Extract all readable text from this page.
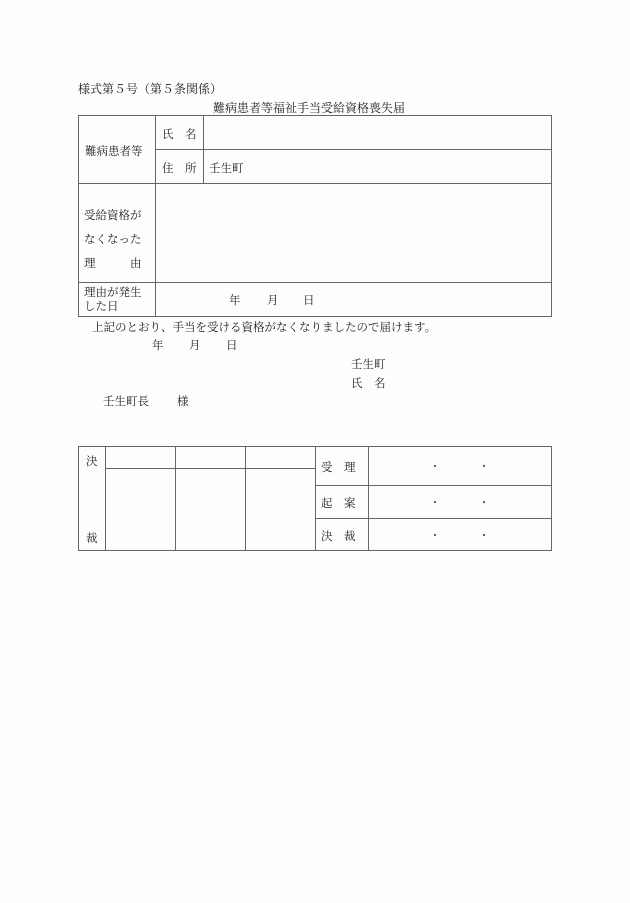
様式第５号（第５条関係）
難病患者等福祉手当受給資格喪失届
難病患者等
氏　名
住　所	壬生町
受給資格が
なくなった
理　　　由
理由が発生
した日	年 月 日
上記のとおり、手当を受ける資格がなくなりましたので届けます。
年 月 日
壬生町
氏　名
壬生町長 様
決
裁
受　理
起　案
決　裁
